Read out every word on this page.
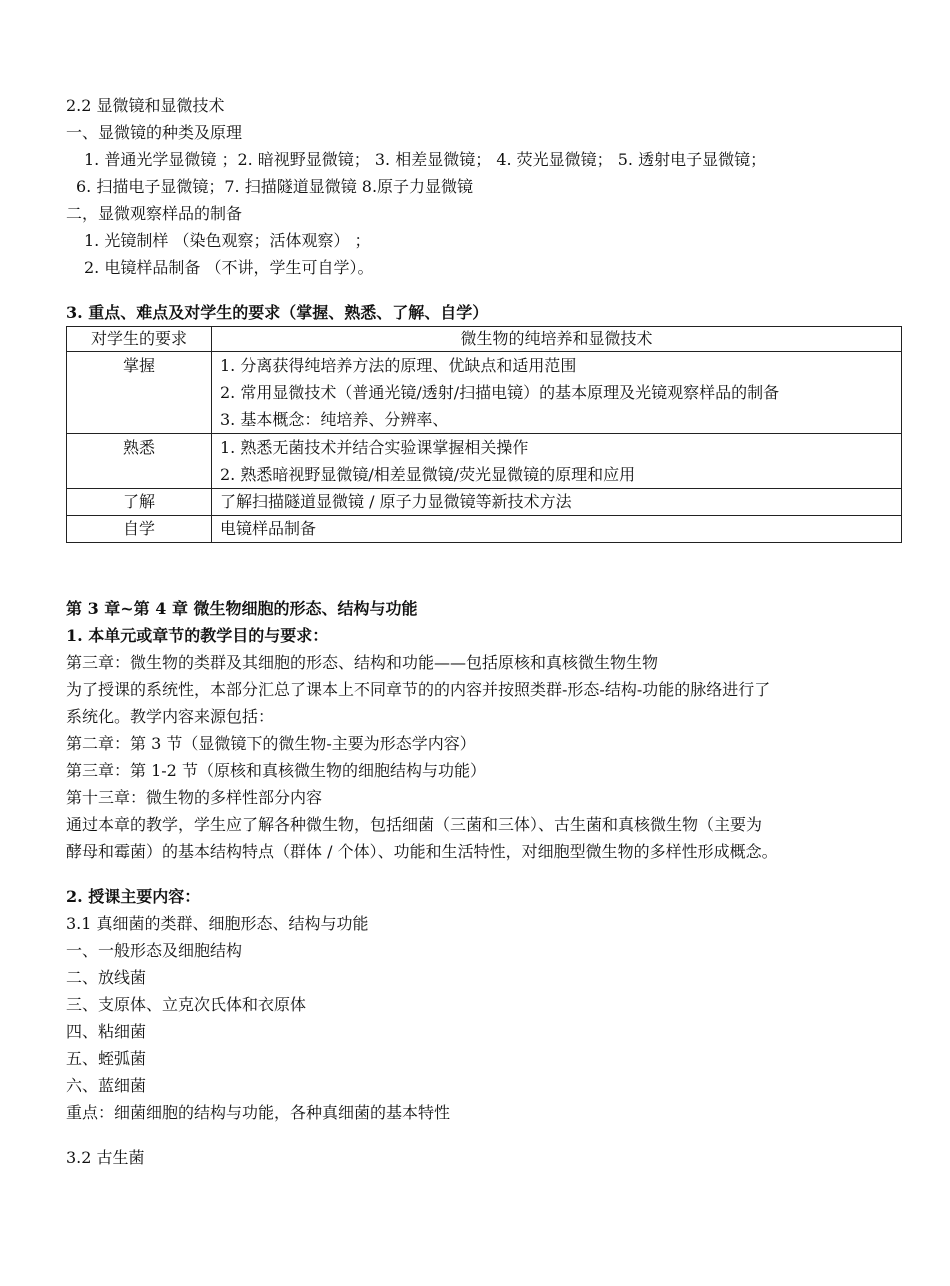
2.2 显微镜和显微技术
一、显微镜的种类及原理
1. 普通光学显微镜 ；2. 暗视野显微镜； 3. 相差显微镜； 4. 荧光显微镜； 5. 透射电子显微镜；
6. 扫描电子显微镜；7. 扫描隧道显微镜 8.原子力显微镜
二，显微观察样品的制备
1. 光镜制样 （染色观察；活体观察） ；
2. 电镜样品制备 （不讲，学生可自学）。
3. 重点、难点及对学生的要求（掌握、熟悉、了解、自学）
对学生的要求	微生物的纯培养和显微技术
掌握	1. 分离获得纯培养方法的原理、优缺点和适用范围
2. 常用显微技术（普通光镜/透射/扫描电镜）的基本原理及光镜观察样品的制备
3. 基本概念：纯培养、分辨率、

熟悉	1. 熟悉无菌技术并结合实验课掌握相关操作
2. 熟悉暗视野显微镜/相差显微镜/荧光显微镜的原理和应用

了解	了解扫描隧道显微镜 / 原子力显微镜等新技术方法
自学	电镜样品制备
第 3 章~第 4 章 微生物细胞的形态、结构与功能
1. 本单元或章节的教学目的与要求：
第三章：微生物的类群及其细胞的形态、结构和功能——包括原核和真核微生物生物
为了授课的系统性，本部分汇总了课本上不同章节的的内容并按照类群-形态-结构-功能的脉络进行了
系统化。教学内容来源包括：
第二章：第 3 节（显微镜下的微生物-主要为形态学内容）
第三章：第 1-2 节（原核和真核微生物的细胞结构与功能）
第十三章：微生物的多样性部分内容
通过本章的教学，学生应了解各种微生物，包括细菌（三菌和三体）、古生菌和真核微生物（主要为
酵母和霉菌）的基本结构特点（群体 / 个体）、功能和生活特性，对细胞型微生物的多样性形成概念。
2. 授课主要内容：
3.1 真细菌的类群、细胞形态、结构与功能
一、一般形态及细胞结构
二、放线菌
三、支原体、立克次氏体和衣原体
四、粘细菌
五、蛭弧菌
六、蓝细菌
重点：细菌细胞的结构与功能，各种真细菌的基本特性
3.2 古生菌
